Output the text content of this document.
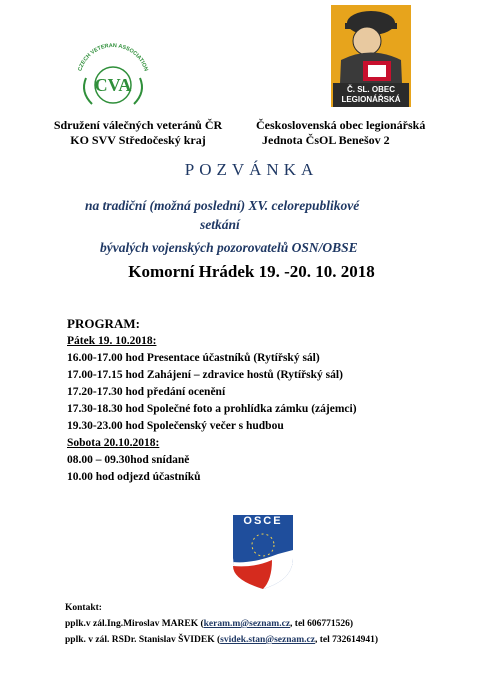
CZECH VETERAN ASSOCIATION
CVA	Č. SL. OBEC
LEGIONÁŘSKÁ
Sdružení válečných veteránů ČR
KO SVV Středočeský kraj
Československá obec legionářská
Jednota ČsOL Benešov 2
POZVÁNKA
na tradiční (možná poslední) XV. celorepublikové
setkání
bývalých vojenských pozorovatelů OSN/OBSE
Komorní Hrádek 19. -20. 10. 2018
PROGRAM:
Pátek 19. 10.2018:
16.00-17.00 hod Presentace účastníků (Rytířský sál)
17.00-17.15 hod Zahájení – zdravice hostů (Rytířský sál)
17.20-17.30 hod předání ocenění
17.30-18.30 hod Společné foto a prohlídka zámku (zájemci)
19.30-23.00 hod Společenský večer s hudbou
Sobota 20.10.2018:
08.00 – 09.30hod snídaně
10.00 hod odjezd účastníků
OSCE
Kontakt:
pplk.v zál.Ing.Miroslav MAREK (keram.m@seznam.cz, tel 606771526)
pplk. v zál. RSDr. Stanislav ŠVIDEK (svidek.stan@seznam.cz, tel 732614941)
